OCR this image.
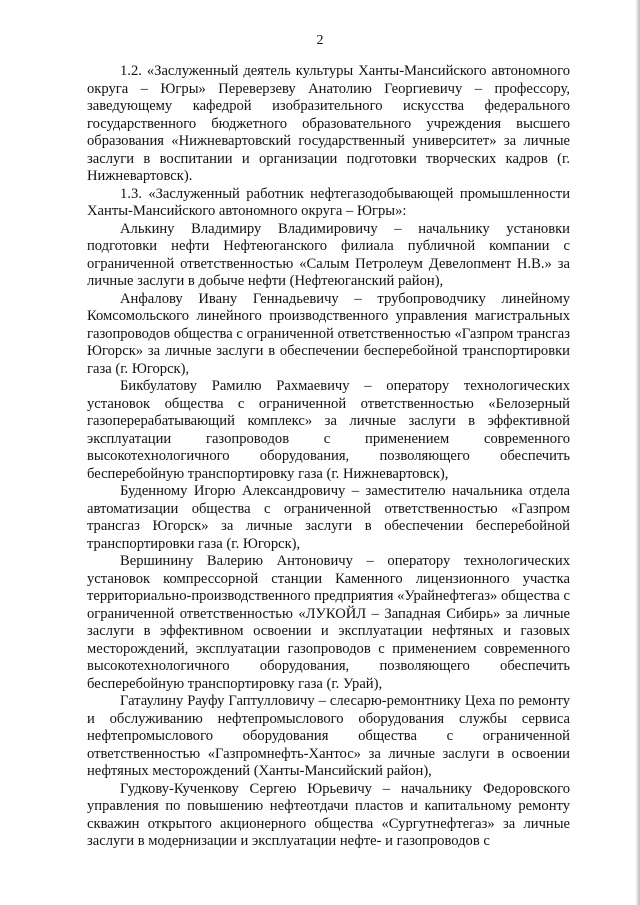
2

1.2. «Заслуженный деятель культуры Ханты-Мансийского автономного округа – Югры» Переверзеву Анатолию Георгиевичу – профессору, заведующему кафедрой изобразительного искусства федерального государственного бюджетного образовательного учреждения высшего образования «Нижневартовский государственный университет» за личные заслуги в воспитании и организации подготовки творческих кадров (г. Нижневартовск).

1.3. «Заслуженный работник нефтегазодобывающей промышленности Ханты-Мансийского автономного округа – Югры»:

Алькину Владимиру Владимировичу – начальнику установки подготовки нефти Нефтеюганского филиала публичной компании с ограниченной ответственностью «Салым Петролеум Девелопмент Н.В.» за личные заслуги в добыче нефти (Нефтеюганский район),

Анфалову Ивану Геннадьевичу – трубопроводчику линейному Комсомольского линейного производственного управления магистральных газопроводов общества с ограниченной ответственностью «Газпром трансгаз Югорск» за личные заслуги в обеспечении бесперебойной транспортировки газа (г. Югорск),

Бикбулатову Рамилю Рахмаевичу – оператору технологических установок общества с ограниченной ответственностью «Белозерный газоперерабатывающий комплекс» за личные заслуги в эффективной эксплуатации газопроводов с применением современного высокотехнологичного оборудования, позволяющего обеспечить бесперебойную транспортировку газа (г. Нижневартовск),

Буденному Игорю Александровичу – заместителю начальника отдела автоматизации общества с ограниченной ответственностью «Газпром трансгаз Югорск» за личные заслуги в обеспечении бесперебойной транспортировки газа (г. Югорск),

Вершинину Валерию Антоновичу – оператору технологических установок компрессорной станции Каменного лицензионного участка территориально-производственного предприятия «Урайнефтегаз» общества с ограниченной ответственностью «ЛУКОЙЛ – Западная Сибирь» за личные заслуги в эффективном освоении и эксплуатации нефтяных и газовых месторождений, эксплуатации газопроводов с применением современного высокотехнологичного оборудования, позволяющего обеспечить бесперебойную транспортировку газа (г. Урай),

Гатаулину Рауфу Гаптулловичу – слесарю-ремонтнику Цеха по ремонту и обслуживанию нефтепромыслового оборудования службы сервиса нефтепромыслового оборудования общества с ограниченной ответственностью «Газпромнефть-Хантос» за личные заслуги в освоении нефтяных месторождений (Ханты-Мансийский район),

Гудкову-Кученкову Сергею Юрьевичу – начальнику Федоровского управления по повышению нефтеотдачи пластов и капитальному ремонту скважин открытого акционерного общества «Сургутнефтегаз» за личные заслуги в модернизации и эксплуатации нефте- и газопроводов с
